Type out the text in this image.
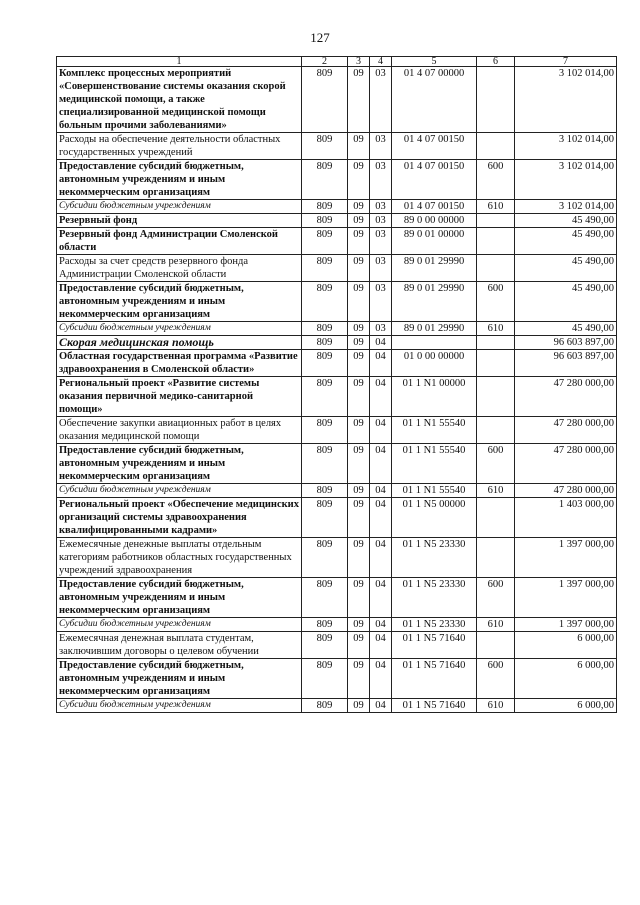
127
1	2	3	4	5	6	7
Комплекс процессных мероприятий «Совершенствование системы оказания скорой медицинской помощи, а также специализированной медицинской помощи больным прочими заболеваниями»	809	09	03	01 4 07 00000		3 102 014,00
Расходы на обеспечение деятельности областных государственных учреждений	809	09	03	01 4 07 00150		3 102 014,00
Предоставление субсидий бюджетным, автономным учреждениям и иным некоммерческим организациям	809	09	03	01 4 07 00150	600	3 102 014,00
Субсидии бюджетным учреждениям	809	09	03	01 4 07 00150	610	3 102 014,00
Резервный фонд	809	09	03	89 0 00 00000		45 490,00
Резервный фонд Администрации Смоленской области	809	09	03	89 0 01 00000		45 490,00
Расходы за счет средств резервного фонда Администрации Смоленской области	809	09	03	89 0 01 29990		45 490,00
Предоставление субсидий бюджетным, автономным учреждениям и иным некоммерческим организациям	809	09	03	89 0 01 29990	600	45 490,00
Субсидии бюджетным учреждениям	809	09	03	89 0 01 29990	610	45 490,00
Скорая медицинская помощь	809	09	04			96 603 897,00
Областная государственная программа «Развитие здравоохранения в Смоленской области»	809	09	04	01 0 00 00000		96 603 897,00
Региональный проект «Развитие системы оказания первичной медико-санитарной помощи»	809	09	04	01 1 N1 00000		47 280 000,00
Обеспечение закупки авиационных работ в целях оказания медицинской помощи	809	09	04	01 1 N1 55540		47 280 000,00
Предоставление субсидий бюджетным, автономным учреждениям и иным некоммерческим организациям	809	09	04	01 1 N1 55540	600	47 280 000,00
Субсидии бюджетным учреждениям	809	09	04	01 1 N1 55540	610	47 280 000,00
Региональный проект «Обеспечение медицинских организаций системы здравоохранения квалифицированными кадрами»	809	09	04	01 1 N5 00000		1 403 000,00
Ежемесячные денежные выплаты отдельным категориям работников областных государственных учреждений здравоохранения	809	09	04	01 1 N5 23330		1 397 000,00
Предоставление субсидий бюджетным, автономным учреждениям и иным некоммерческим организациям	809	09	04	01 1 N5 23330	600	1 397 000,00
Субсидии бюджетным учреждениям	809	09	04	01 1 N5 23330	610	1 397 000,00
Ежемесячная денежная выплата студентам, заключившим договоры о целевом обучении	809	09	04	01 1 N5 71640		6 000,00
Предоставление субсидий бюджетным, автономным учреждениям и иным некоммерческим организациям	809	09	04	01 1 N5 71640	600	6 000,00
Субсидии бюджетным учреждениям	809	09	04	01 1 N5 71640	610	6 000,00
